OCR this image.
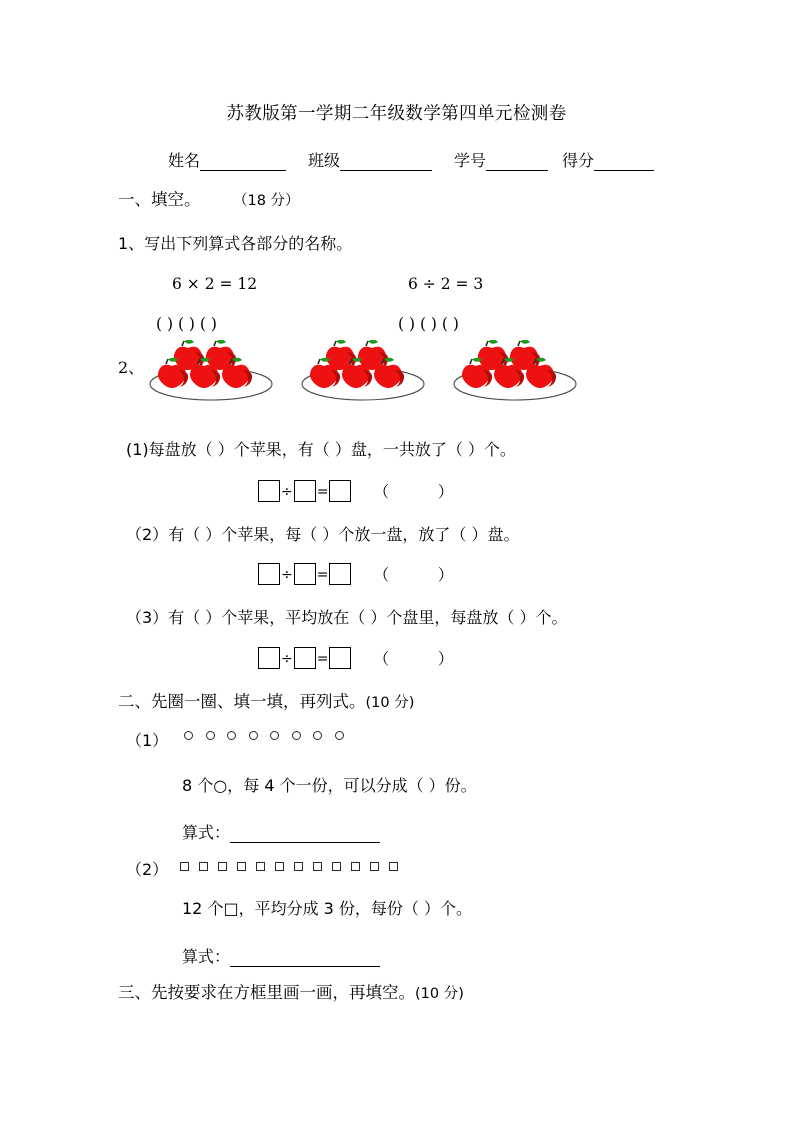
苏教版第一学期二年级数学第四单元检测卷
姓名	班级	学号	得分
一、填空。 （18 分）
1、写出下列算式各部分的名称。
6 × 2 = 12	6 ÷ 2 = 3
( ) ( ) ( )	( ) ( ) ( )
2、
(1)每盘放（ ）个苹果，有（ ）盘，一共放了（ ）个。
÷ =	（ ）
（2）有（ ）个苹果，每（ ）个放一盘，放了（ ）盘。
÷ =	（ ）
（3）有（ ）个苹果，平均放在（ ）个盘里，每盘放（ ）个。
÷ =	（ ）
二、先圈一圈、填一填，再列式。(10 分)
（1）
8 个○，每 4 个一份，可以分成（ ）份。
算式：
（2）
12 个□，平均分成 3 份，每份（ ）个。
算式：
三、先按要求在方框里画一画，再填空。(10 分)
